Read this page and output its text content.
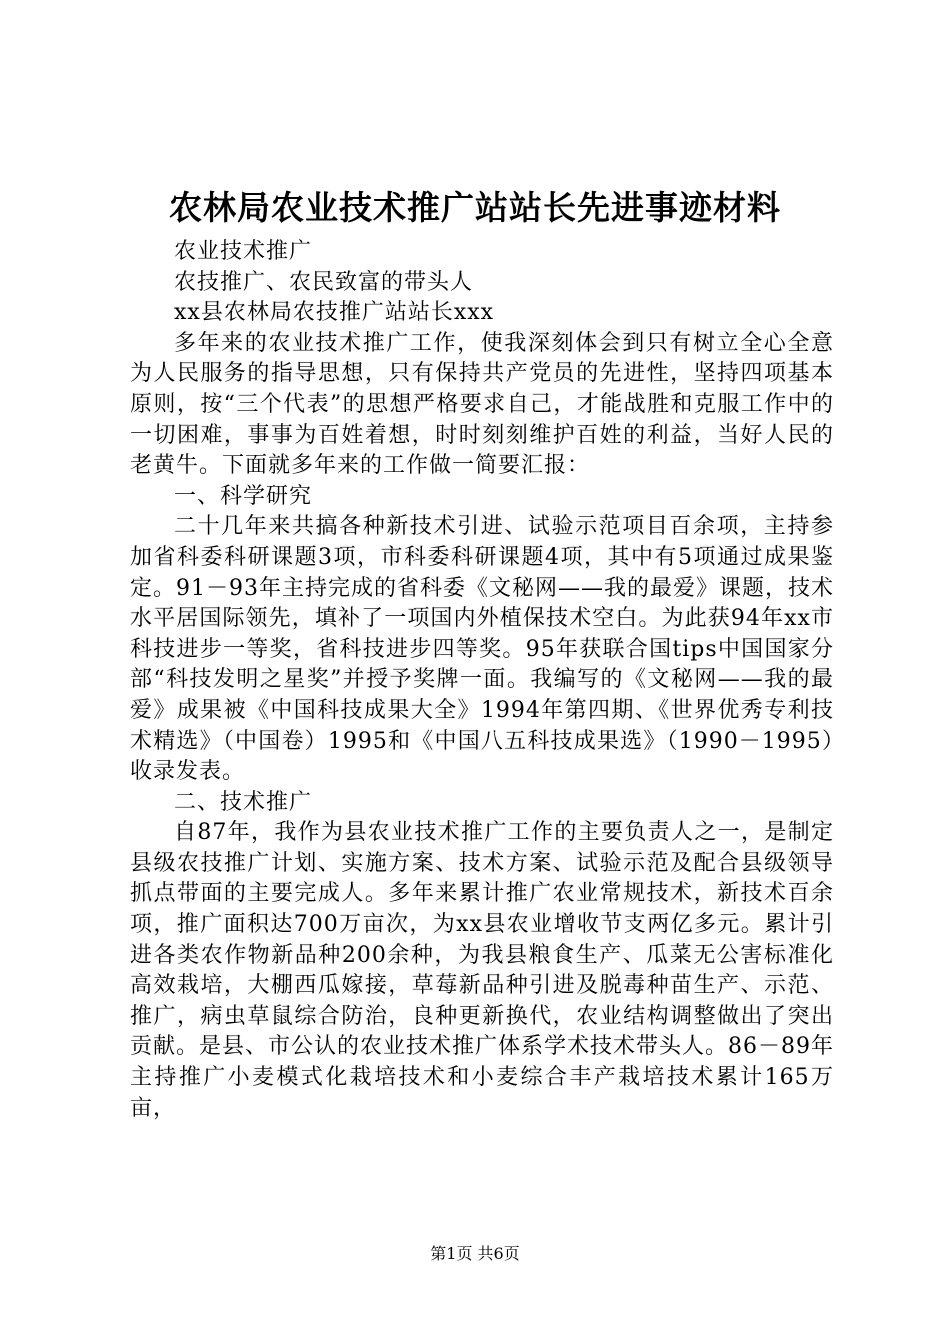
农林局农业技术推广站站长先进事迹材料

农业技术推广

农技推广、农民致富的带头人

xx县农林局农技推广站站长xxx

多年来的农业技术推广工作，使我深刻体会到只有树立全心全意为人民服务的指导思想，只有保持共产党员的先进性，坚持四项基本原则，按“三个代表”的思想严格要求自己，才能战胜和克服工作中的一切困难，事事为百姓着想，时时刻刻维护百姓的利益，当好人民的老黄牛。下面就多年来的工作做一简要汇报：

一、科学研究

二十几年来共搞各种新技术引进、试验示范项目百余项，主持参加省科委科研课题3项，市科委科研课题4项，其中有5项通过成果鉴定。91－93年主持完成的省科委《文秘网——我的最爱》课题，技术水平居国际领先，填补了一项国内外植保技术空白。为此获94年xx市科技进步一等奖，省科技进步四等奖。95年获联合国tips中国国家分部“科技发明之星奖”并授予奖牌一面。我编写的《文秘网——我的最爱》成果被《中国科技成果大全》1994年第四期、《世界优秀专利技术精选》（中国卷）1995和《中国八五科技成果选》（1990－1995）收录发表。

二、技术推广

自87年，我作为县农业技术推广工作的主要负责人之一，是制定县级农技推广计划、实施方案、技术方案、试验示范及配合县级领导抓点带面的主要完成人。多年来累计推广农业常规技术，新技术百余项，推广面积达700万亩次，为xx县农业增收节支两亿多元。累计引进各类农作物新品种200余种，为我县粮食生产、瓜菜无公害标准化高效栽培，大棚西瓜嫁接，草莓新品种引进及脱毒种苗生产、示范、推广，病虫草鼠综合防治，良种更新换代，农业结构调整做出了突出贡献。是县、市公认的农业技术推广体系学术技术带头人。86－89年主持推广小麦模式化栽培技术和小麦综合丰产栽培技术累计165万亩，

第1页 共6页
